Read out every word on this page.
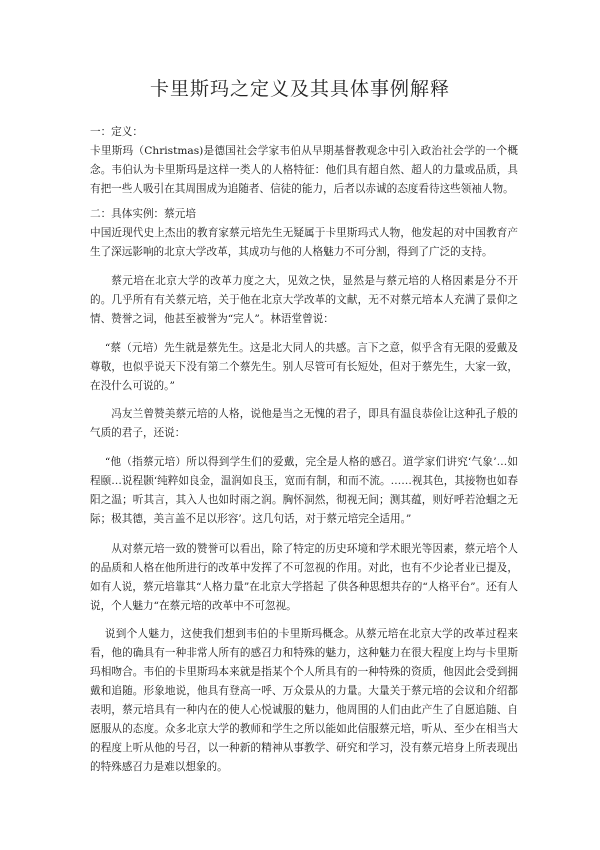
卡里斯玛之定义及其具体事例解释

一：定义：

卡里斯玛（Christmas)是德国社会学家韦伯从早期基督教观念中引入政治社会学的一个概念。韦伯认为卡里斯玛是这样一类人的人格特征：他们具有超自然、超人的力量或品质，具有把一些人吸引在其周围成为追随者、信徒的能力，后者以赤诚的态度看待这些领袖人物。

二：具体实例：蔡元培

中国近现代史上杰出的教育家蔡元培先生无疑属于卡里斯玛式人物，他发起的对中国教育产生了深远影响的北京大学改革，其成功与他的人格魅力不可分割，得到了广泛的支持。

蔡元培在北京大学的改革力度之大，见效之快，显然是与蔡元培的人格因素是分不开的。几乎所有有关蔡元培，关于他在北京大学改革的文献，无不对蔡元培本人充满了景仰之情、赞誉之词，他甚至被誉为“完人”。林语堂曾说：

“蔡（元培）先生就是蔡先生。这是北大同人的共感。言下之意，似乎含有无限的爱戴及尊敬，也似乎说天下没有第二个蔡先生。别人尽管可有长短处，但对于蔡先生，大家一致，在没什么可说的。”

冯友兰曾赞美蔡元培的人格，说他是当之无愧的君子，即具有温良恭俭让这种孔子般的气质的君子，还说：

“他（指蔡元培）所以得到学生们的爱戴，完全是人格的感召。道学家们讲究‘气象’…如程颐…说程颢‘纯粹如良金，温润如良玉，宽而有制，和而不流。……视其色，其接物也如春阳之温；听其言，其入人也如时雨之润。胸怀洞然，彻视无间；测其蕴，则好呼若沧蝈之无际；极其德，美言盖不足以形容’。这几句话，对于蔡元培完全适用。”

从对蔡元培一致的赞誉可以看出，除了特定的历史环境和学术眼光等因素，蔡元培个人的品质和人格在他所进行的改革中发挥了不可忽视的作用。对此，也有不少论者业已提及，如有人说，蔡元培靠其“人格力量”在北京大学搭起 了供各种思想共存的“人格平台”。还有人说，个人魅力“在蔡元培的改革中不可忽视。

说到个人魅力，这使我们想到韦伯的卡里斯玛概念。从蔡元培在北京大学的改革过程来看，他的确具有一种非常人所有的感召力和特殊的魅力，这种魅力在很大程度上均与卡里斯玛相吻合。韦伯的卡里斯玛本来就是指某个个人所具有的一种特殊的资质，他因此会受到拥戴和追随。形象地说，他具有登高一呼、万众景从的力量。大量关于蔡元培的会议和介绍都表明，蔡元培具有一种内在的使人心悦诚服的魅力，他周围的人们由此产生了自愿追随、自愿服从的态度。众多北京大学的教师和学生之所以能如此信服蔡元培，听从、至少在相当大的程度上听从他的号召，以一种新的精神从事教学、研究和学习，没有蔡元培身上所表现出的特殊感召力是难以想象的。
